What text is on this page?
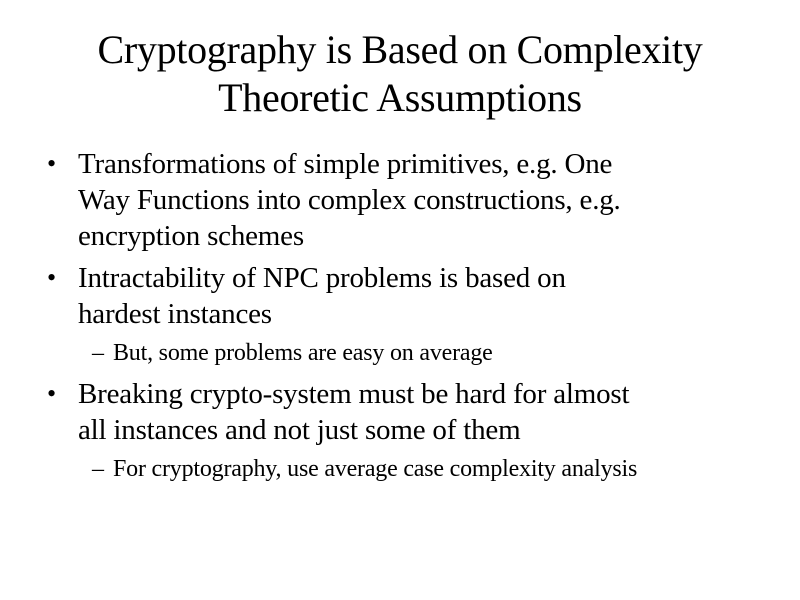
Cryptography is Based on Complexity
Theoretic Assumptions
• Transformations of simple primitives, e.g. One
Way Functions into complex constructions, e.g.
encryption schemes
• Intractability of NPC problems is based on
hardest instances
– But, some problems are easy on average
• Breaking crypto-system must be hard for almost
all instances and not just some of them
– For cryptography, use average case complexity analysis
